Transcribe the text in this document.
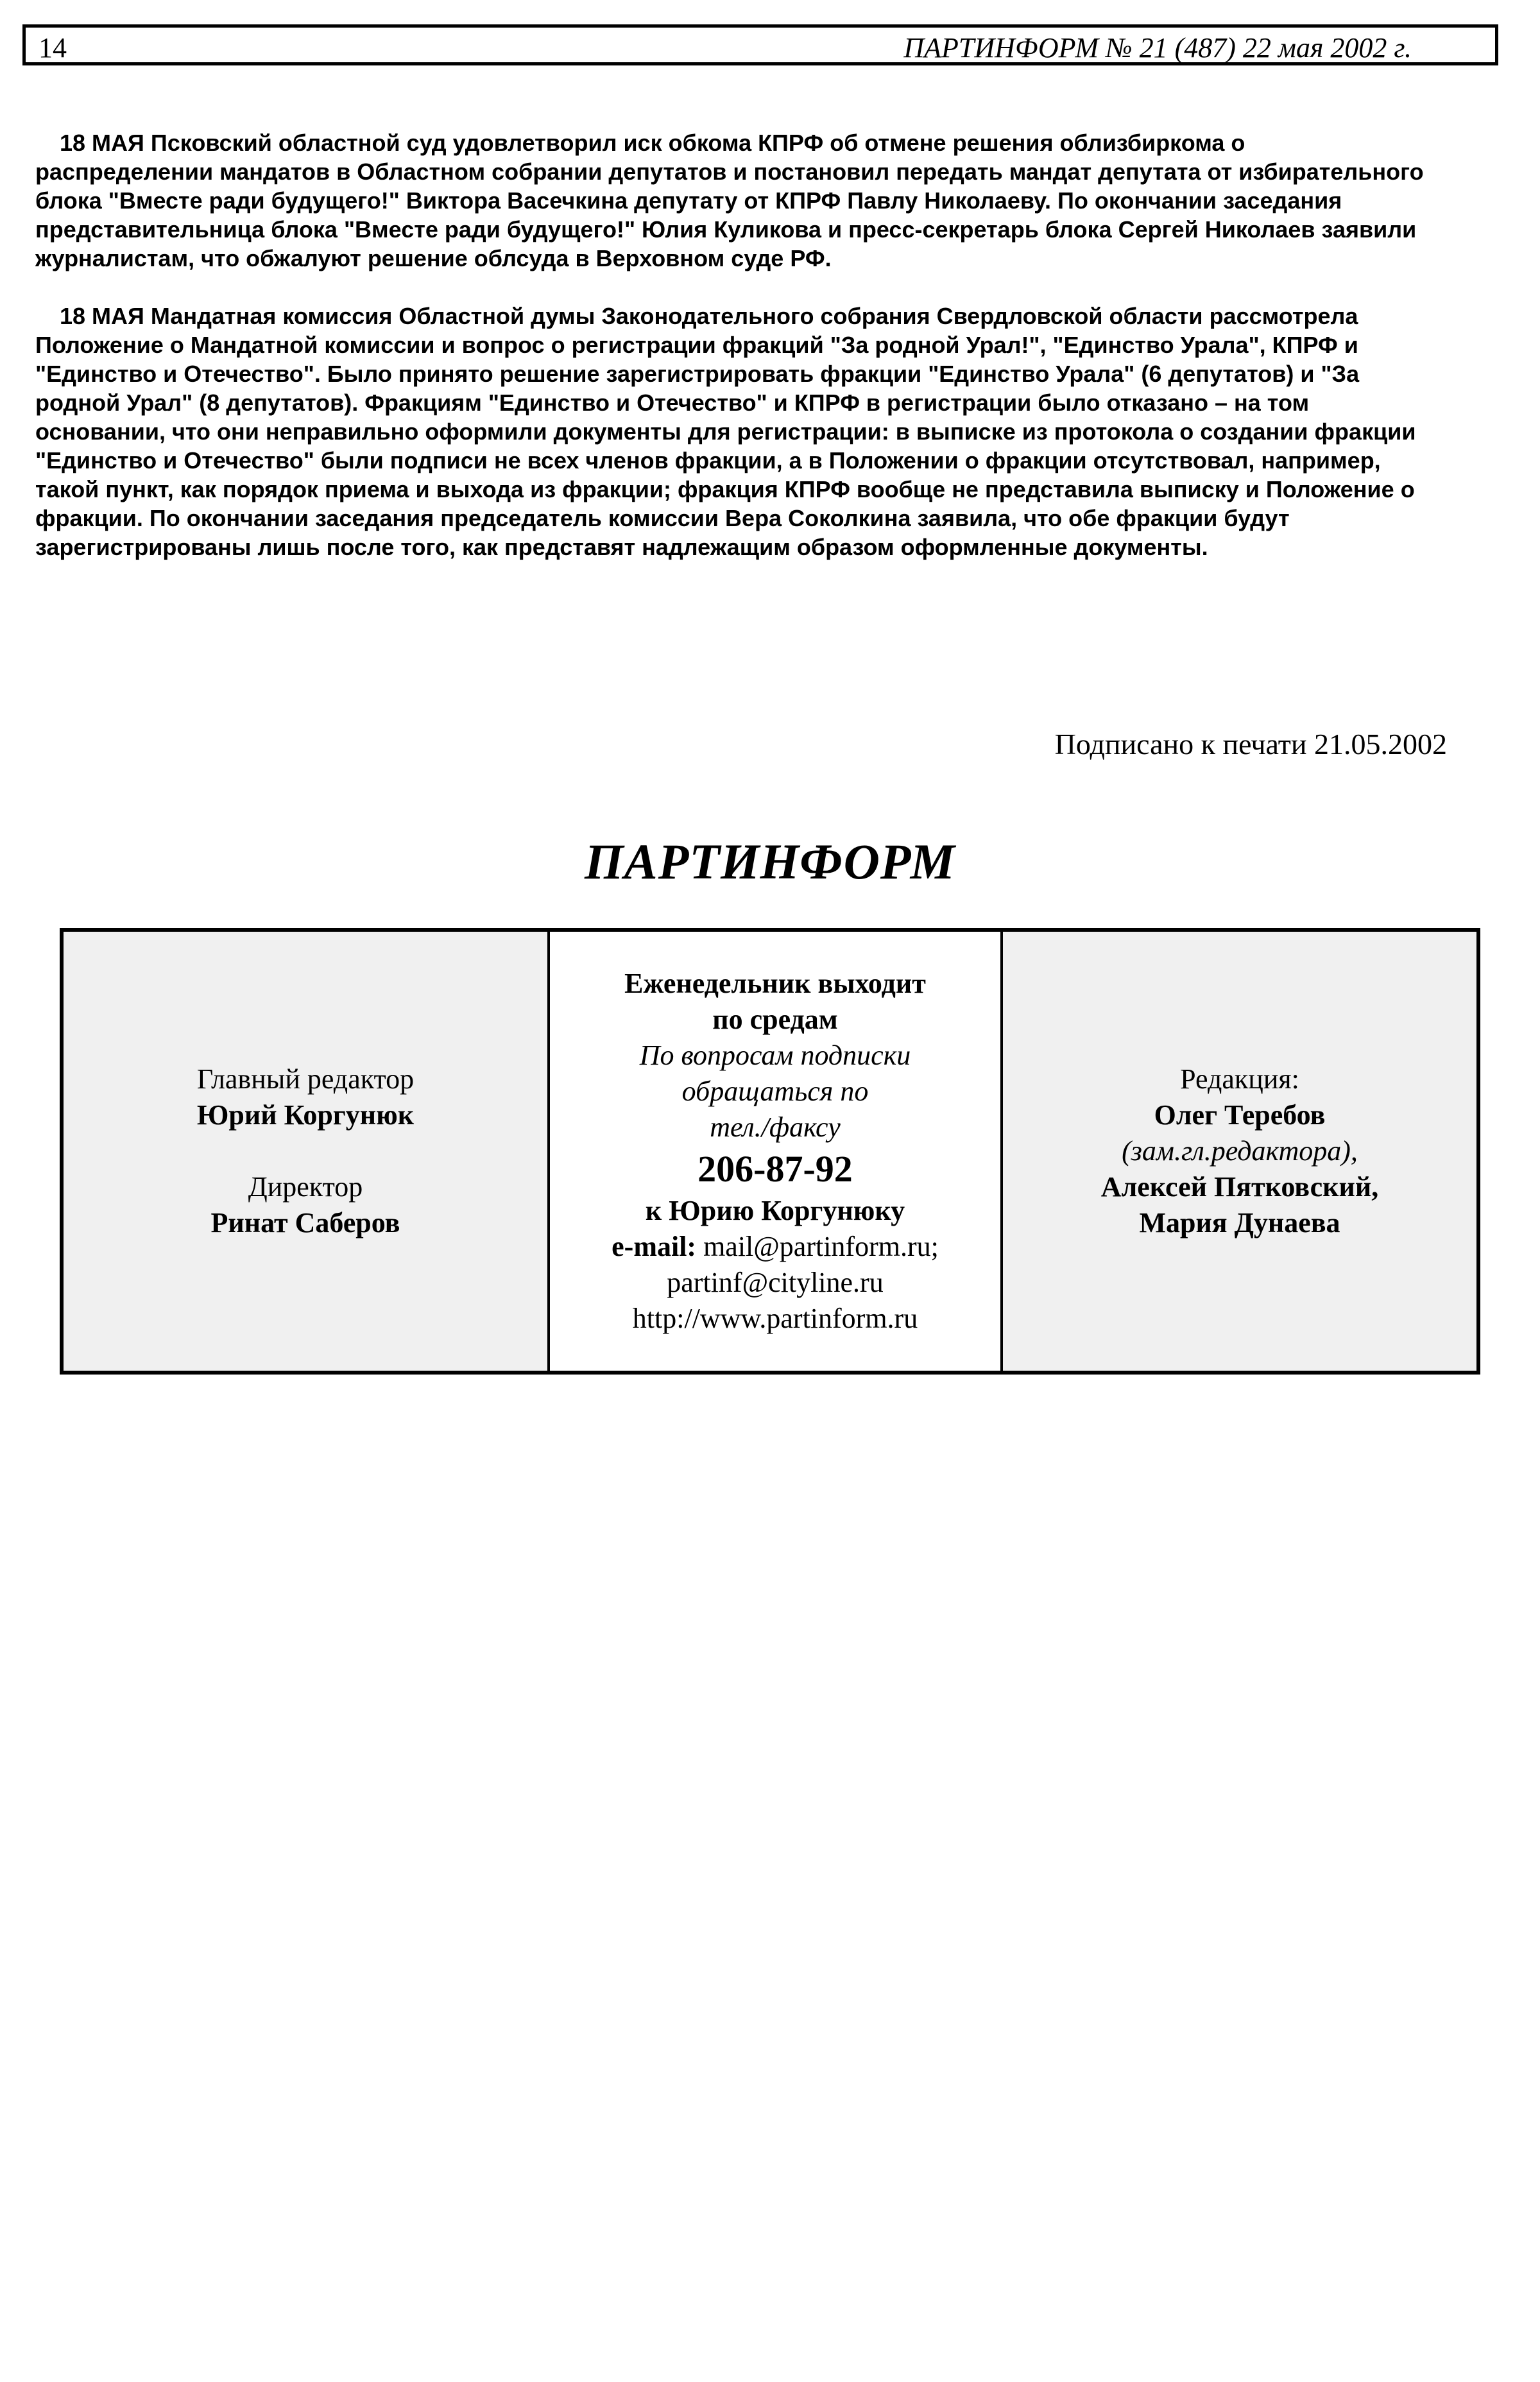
14	ПАРТИНФОРМ № 21 (487) 22 мая 2002 г.
18 МАЯ Псковский областной суд удовлетворил иск обкома КПРФ об отмене решения облизбиркома о
распределении мандатов в Областном собрании депутатов и постановил передать мандат депутата от избирательного
блока "Вместе ради будущего!" Виктора Васечкина депутату от КПРФ Павлу Николаеву. По окончании заседания
представительница блока "Вместе ради будущего!" Юлия Куликова и пресс-секретарь блока Сергей Николаев заявили
журналистам, что обжалуют решение облсуда в Верховном суде РФ.
18 МАЯ Мандатная комиссия Областной думы Законодательного собрания Свердловской области рассмотрела
Положение о Мандатной комиссии и вопрос о регистрации фракций "За родной Урал!", "Единство Урала", КПРФ и
"Единство и Отечество". Было принято решение зарегистрировать фракции "Единство Урала" (6 депутатов) и "За
родной Урал" (8 депутатов). Фракциям "Единство и Отечество" и КПРФ в регистрации было отказано – на том
основании, что они неправильно оформили документы для регистрации: в выписке из протокола о создании фракции
"Единство и Отечество" были подписи не всех членов фракции, а в Положении о фракции отсутствовал, например,
такой пункт, как порядок приема и выхода из фракции; фракция КПРФ вообще не представила выписку и Положение о
фракции. По окончании заседания председатель комиссии Вера Соколкина заявила, что обе фракции будут
зарегистрированы лишь после того, как представят надлежащим образом оформленные документы.
Подписано к печати 21.05.2002
ПАРТИНФОРМ
Главный редактор
Юрий Коргунюк
Директор
Ринат Саберов
Еженедельник выходит
по средам
По вопросам подписки
обращаться по
тел./факсу
206-87-92
к Юрию Коргунюку
e-mail: mail@partinform.ru;
partinf@cityline.ru
http://www.partinform.ru
Редакция:
Олег Теребов
(зам.гл.редактора),
Алексей Пятковский,
Мария Дунаева
